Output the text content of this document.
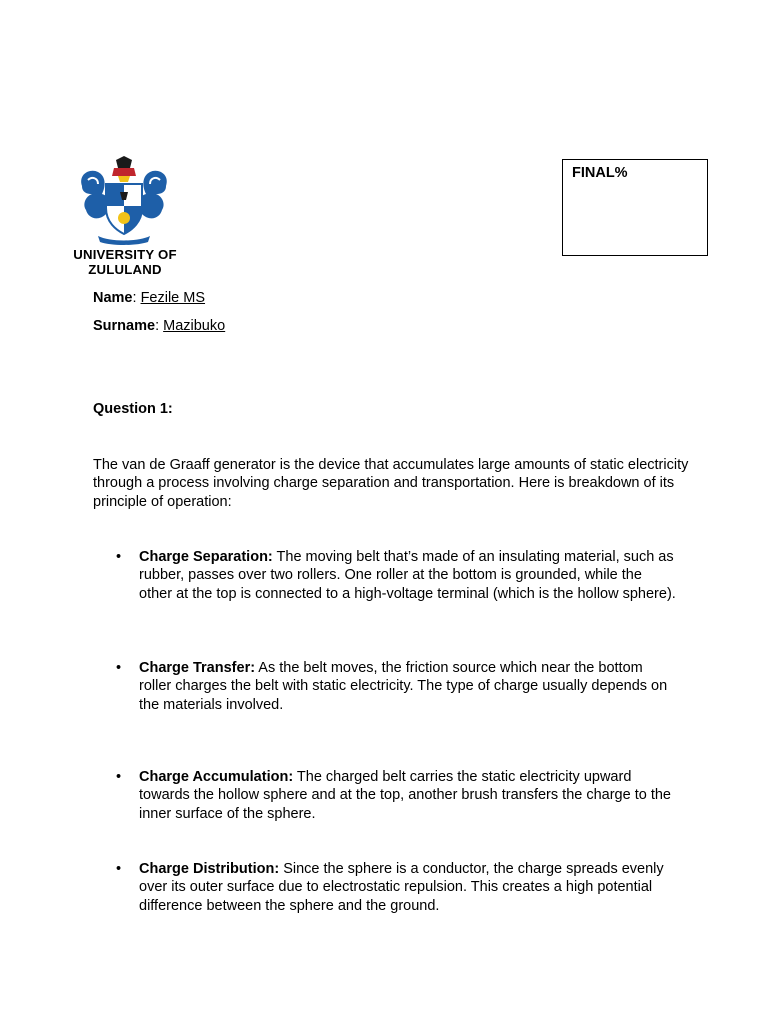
UNIVERSITY OF
ZULULAND
FINAL%
Name: Fezile MS
Surname: Mazibuko
Question 1:

The van de Graaff generator is the device that accumulates large amounts of static electricity through a process involving charge separation and transportation. Here is breakdown of its principle of operation:

• Charge Separation: The moving belt that’s made of an insulating material, such as rubber, passes over two rollers. One roller at the bottom is grounded, while the other at the top is connected to a high-voltage terminal (which is the hollow sphere).
• Charge Transfer: As the belt moves, the friction source which near the bottom roller charges the belt with static electricity. The type of charge usually depends on the materials involved.
• Charge Accumulation: The charged belt carries the static electricity upward towards the hollow sphere and at the top, another brush transfers the charge to the inner surface of the sphere.
• Charge Distribution: Since the sphere is a conductor, the charge spreads evenly over its outer surface due to electrostatic repulsion. This creates a high potential difference between the sphere and the ground.
